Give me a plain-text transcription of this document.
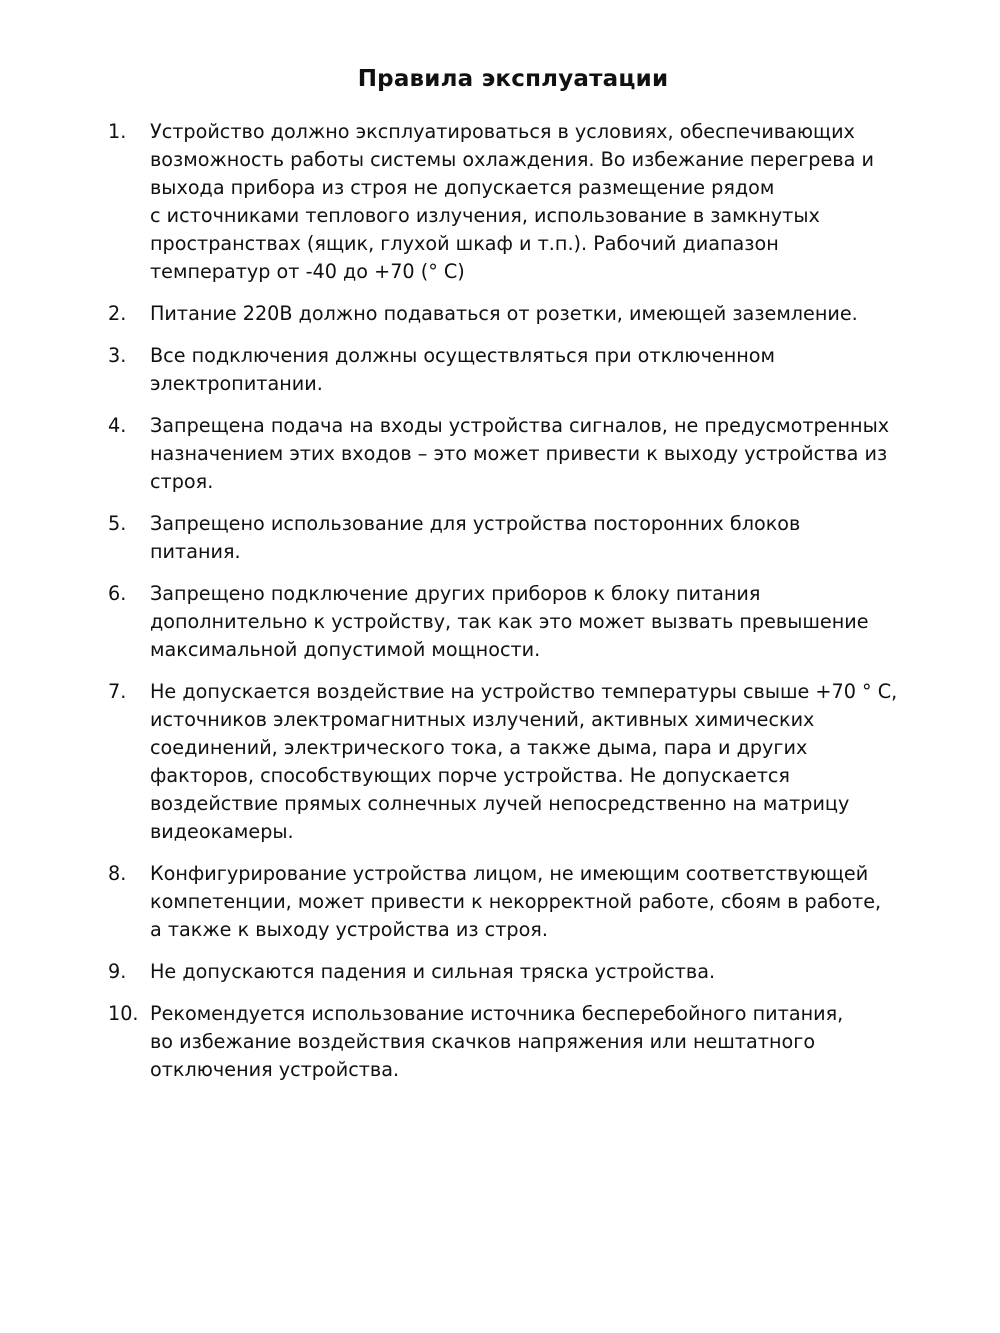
Правила эксплуатации
1.	Устройство должно эксплуатироваться в условиях, обеспечивающих
возможность работы системы охлаждения. Во избежание перегрева и
выхода прибора из строя не допускается размещение рядом
с источниками теплового излучения, использование в замкнутых
пространствах (ящик, глухой шкаф и т.п.). Рабочий диапазон
температур от -40 до +70 (° С)
2.	Питание 220В должно подаваться от розетки, имеющей заземление.
3.	Все подключения должны осуществляться при отключенном
электропитании.
4.	Запрещена подача на входы устройства сигналов, не предусмотренных
назначением этих входов – это может привести к выходу устройства из
строя.
5.	Запрещено использование для устройства посторонних блоков
питания.
6.	Запрещено подключение других приборов к блоку питания
дополнительно к устройству, так как это может вызвать превышение
максимальной допустимой мощности.
7.	Не допускается воздействие на устройство температуры свыше +70 ° С,
источников электромагнитных излучений, активных химических
соединений, электрического тока, а также дыма, пара и других
факторов, способствующих порче устройства. Не допускается
воздействие прямых солнечных лучей непосредственно на матрицу
видеокамеры.
8.	Конфигурирование устройства лицом, не имеющим соответствующей
компетенции, может привести к некорректной работе, сбоям в работе,
а также к выходу устройства из строя.
9.	Не допускаются падения и сильная тряска устройства.
10. Рекомендуется использование источника бесперебойного питания,
во избежание воздействия скачков напряжения или нештатного
отключения устройства.
